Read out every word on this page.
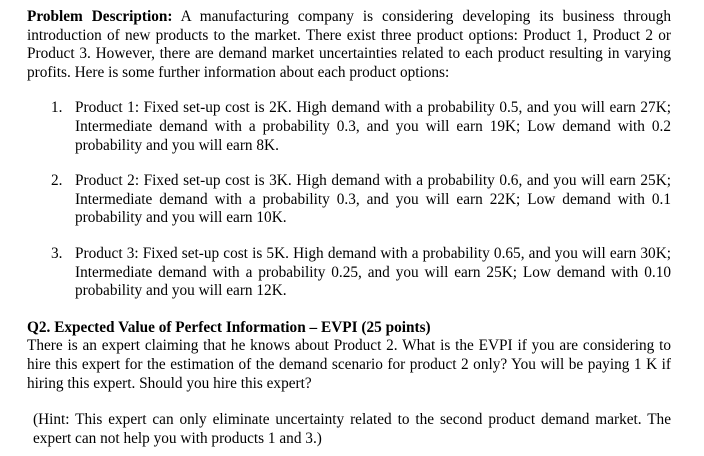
Problem Description: A manufacturing company is considering developing its business through introduction of new products to the market. There exist three product options: Product 1, Product 2 or Product 3. However, there are demand market uncertainties related to each product resulting in varying profits. Here is some further information about each product options:

1. Product 1: Fixed set-up cost is 2K. High demand with a probability 0.5, and you will earn 27K; Intermediate demand with a probability 0.3, and you will earn 19K; Low demand with 0.2 probability and you will earn 8K.
2. Product 2: Fixed set-up cost is 3K. High demand with a probability 0.6, and you will earn 25K; Intermediate demand with a probability 0.3, and you will earn 22K; Low demand with 0.1 probability and you will earn 10K.
3. Product 3: Fixed set-up cost is 5K. High demand with a probability 0.65, and you will earn 30K; Intermediate demand with a probability 0.25, and you will earn 25K; Low demand with 0.10 probability and you will earn 12K.

Q2. Expected Value of Perfect Information – EVPI (25 points)

There is an expert claiming that he knows about Product 2. What is the EVPI if you are considering to hire this expert for the estimation of the demand scenario for product 2 only? You will be paying 1 K if hiring this expert. Should you hire this expert?

(Hint: This expert can only eliminate uncertainty related to the second product demand market. The expert can not help you with products 1 and 3.)
